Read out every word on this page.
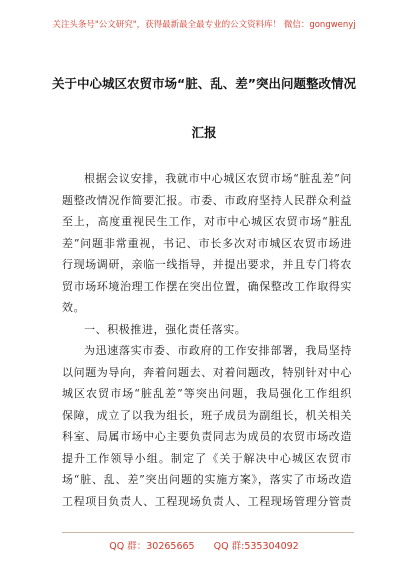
关注头条号"公文研究"，获得最新最全最专业的公文资料库！ 微信：gongwenyj
关于中心城区农贸市场“脏、乱、差”突出问题整改情况
汇报

根据会议安排，我就市中心城区农贸市场“脏乱差”问题整改情况作简要汇报。市委、市政府坚持人民群众利益至上，高度重视民生工作，对市中心城区农贸市场“脏乱差”问题非常重视，书记、市长多次对市城区农贸市场进行现场调研，亲临一线指导，并提出要求，并且专门将农贸市场环境治理工作摆在突出位置，确保整改工作取得实效。

一、积极推进，强化责任落实。

为迅速落实市委、市政府的工作安排部署，我局坚持以问题为导向，奔着问题去、对着问题改，特别针对中心城区农贸市场“脏乱差”等突出问题，我局强化工作组织保障，成立了以我为组长，班子成员为副组长，机关相关科室、局属市场中心主要负责同志为成员的农贸市场改造提升工作领导小组。制定了《关于解决中心城区农贸市场“脏、乱、差”突出问题的实施方案》，落实了市场改造工程项目负责人、工程现场负责人、工程现场管理分管责

QQ 群：30265665 QQ 群:535304092
